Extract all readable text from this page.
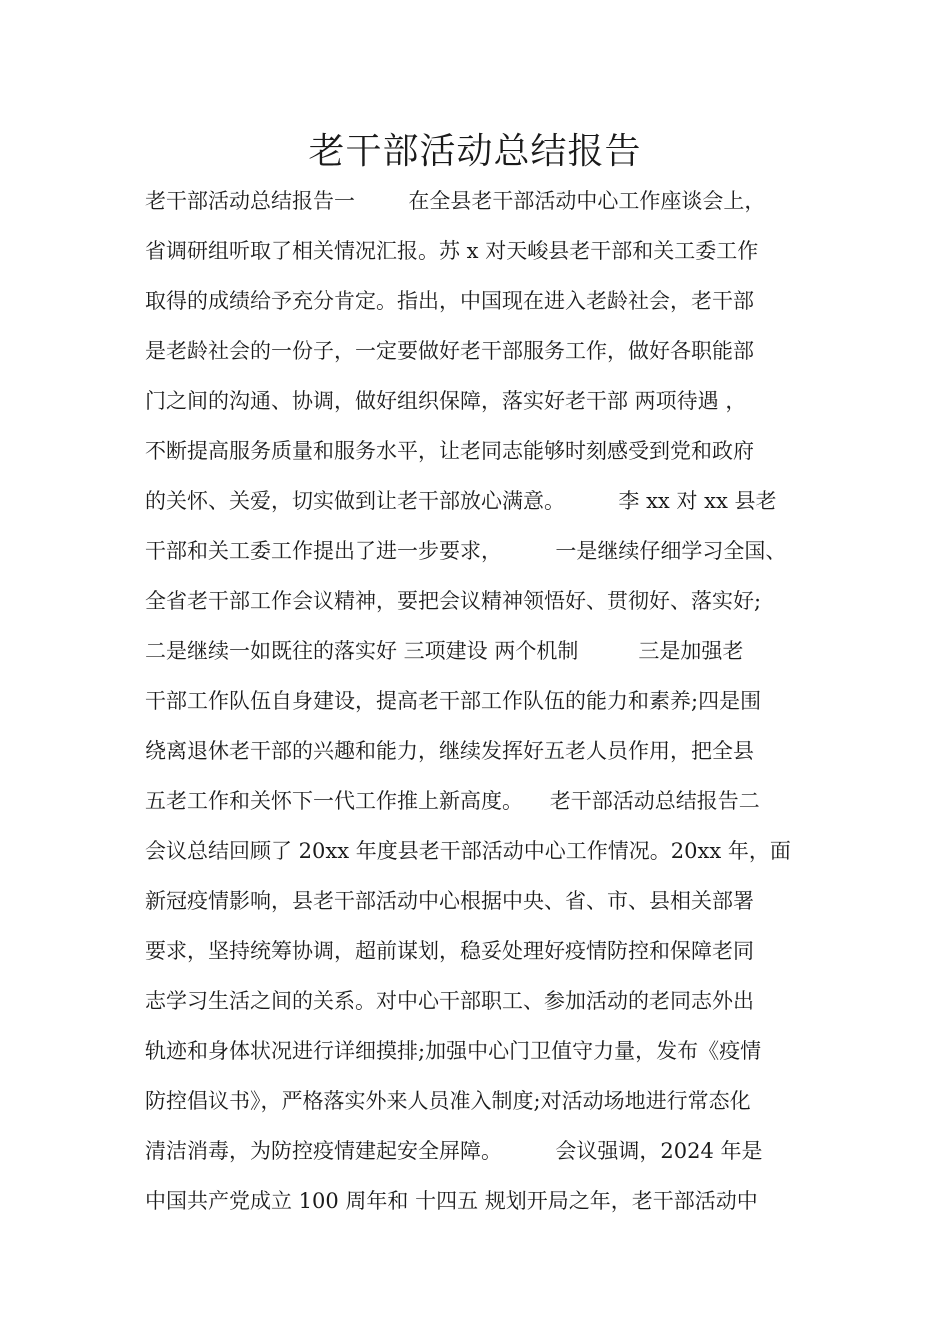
老干部活动总结报告
老干部活动总结报告一        在全县老干部活动中心工作座谈会上，
省调研组听取了相关情况汇报。苏 x 对天峻县老干部和关工委工作
取得的成绩给予充分肯定。指出，中国现在进入老龄社会，老干部
是老龄社会的一份子，一定要做好老干部服务工作，做好各职能部
门之间的沟通、协调，做好组织保障，落实好老干部 两项待遇 ，
不断提高服务质量和服务水平，让老同志能够时刻感受到党和政府
的关怀、关爱，切实做到让老干部放心满意。        李 xx 对 xx 县老
干部和关工委工作提出了进一步要求，        一是继续仔细学习全国、
全省老干部工作会议精神，要把会议精神领悟好、贯彻好、落实好;
二是继续一如既往的落实好 三项建设 两个机制         三是加强老
干部工作队伍自身建设，提高老干部工作队伍的能力和素养;四是围
绕离退休老干部的兴趣和能力，继续发挥好五老人员作用，把全县
五老工作和关怀下一代工作推上新高度。    老干部活动总结报告二
会议总结回顾了 20xx 年度县老干部活动中心工作情况。20xx 年，面
新冠疫情影响，县老干部活动中心根据中央、省、市、县相关部署
要求，坚持统筹协调，超前谋划，稳妥处理好疫情防控和保障老同
志学习生活之间的关系。对中心干部职工、参加活动的老同志外出
轨迹和身体状况进行详细摸排;加强中心门卫值守力量，发布《疫情
防控倡议书》，严格落实外来人员准入制度;对活动场地进行常态化
清洁消毒，为防控疫情建起安全屏障。        会议强调，2024 年是
中国共产党成立 100 周年和 十四五 规划开局之年，老干部活动中
